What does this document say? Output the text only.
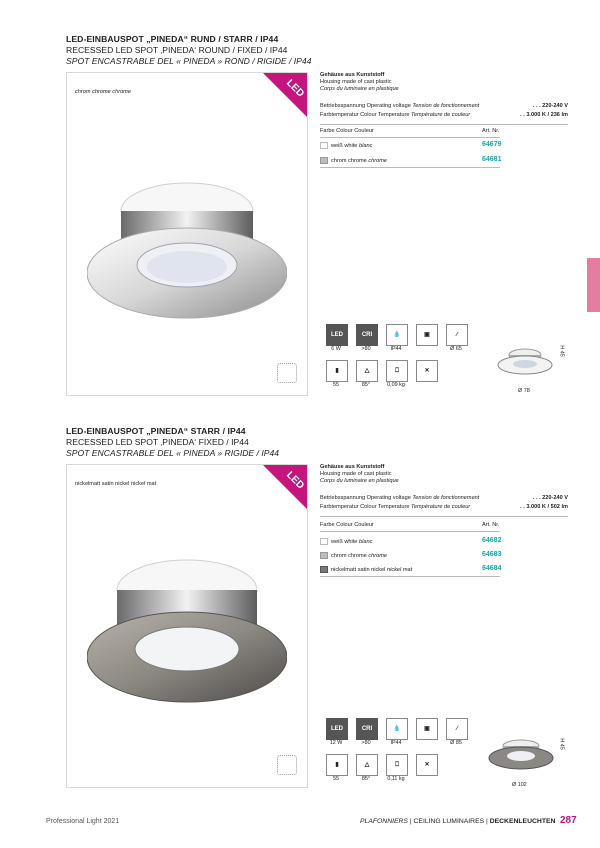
LED-EINBAUSPOT „PINEDA“ RUND / STARR / IP44
RECESSED LED SPOT ‚PINEDA‘ ROUND / FIXED / IP44
SPOT ENCASTRABLE DEL « PINEDA » ROND / RIGIDE / IP44
LED
chrom chrome chrome
Gehäuse aus Kunststoff
Housing made of cast plastic
Corps du luminaire en plastique
Betriebsspannung Operating voltage Tension de fonctionnement	. . . 220-240 V
Farbtemperatur Colour Temperature Température de couleur	. . 3.000 K / 236 lm
Farbe Colour Couleur	Art. Nr.
weiß white blanc	64679
chrom chrome chrome	64681
LED	CRI	💧	▣	∕
6 W	>80	IP44	Ø 65
▮	△	⎕	✕
55	85°	0,09 kg
H 45
Ø 78
LED-EINBAUSPOT „PINEDA“ STARR / IP44
RECESSED LED SPOT ‚PINEDA‘ FIXED / IP44
SPOT ENCASTRABLE DEL « PINEDA » RIGIDE / IP44
LED
nickelmatt satin nickel nickel mat
Gehäuse aus Kunststoff
Housing made of cast plastic
Corps du luminaire en plastique
Betriebsspannung Operating voltage Tension de fonctionnement	. . . 220-240 V
Farbtemperatur Colour Temperature Température de couleur	. . 3.000 K / 502 lm
Farbe Colour Couleur	Art. Nr.
weiß white blanc	64682
chrom chrome chrome	64683
nickelmatt satin nickel nickel mat	64684
LED	CRI	💧	▣	∕
12 W	>80	IP44	Ø 85
▮	△	⎕	✕
55	85°	0,11 kg
H 45
Ø 102
Professional Light 2021	PLAFONNIERS | CEILING LUMINAIRES | DECKENLEUCHTEN 287
